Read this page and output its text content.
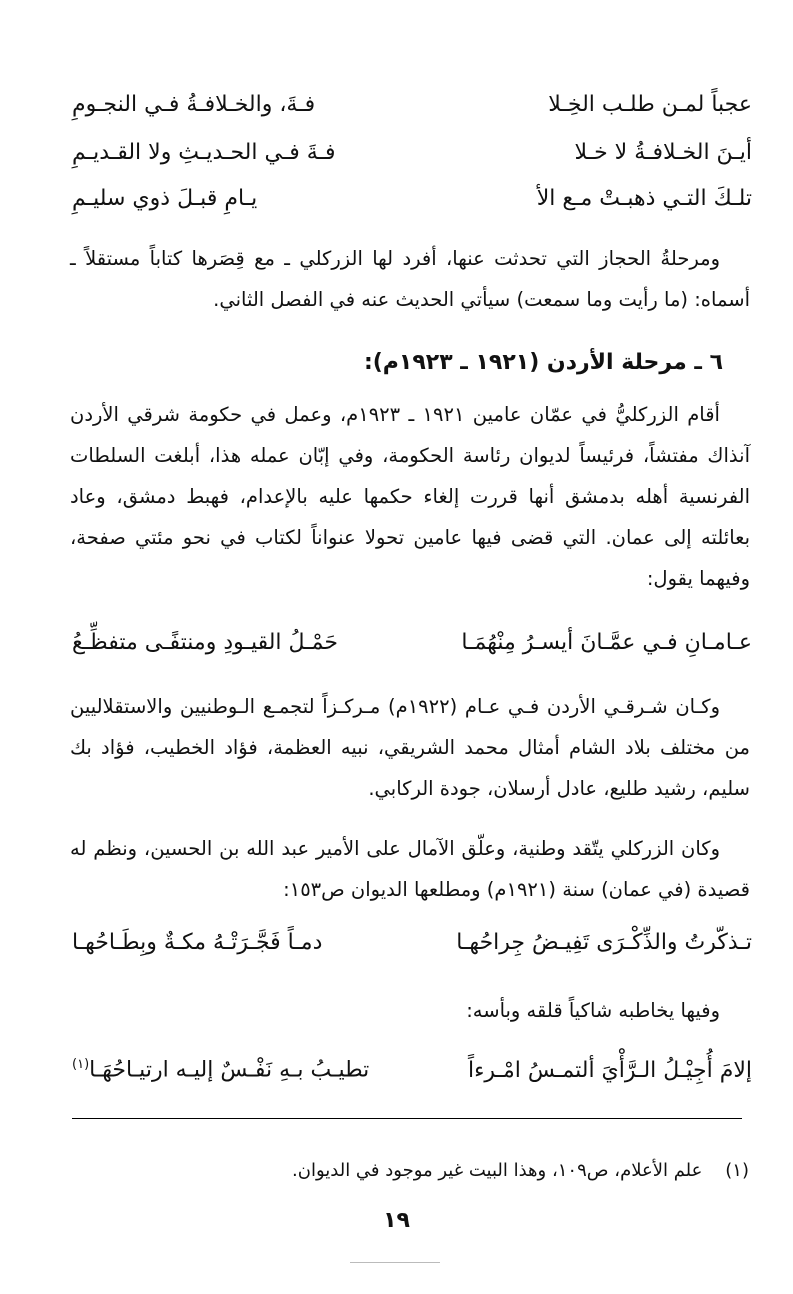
عجباً لمـن طلـب الخِـلا
فـةَ، والخـلافـةُ فـي النجـومِ
أيـنَ الخـلافـةُ لا خـلا
فـةَ فـي الحـديـثِ ولا القـديـمِ
تلـكَ التـي ذهبـتْ مـع الأ
يـامِ قبـلَ ذوي سليـمِ

ومرحلةُ الحجاز التي تحدثت عنها، أفرد لها الزركلي ـ مع قِصَرها كتاباً مستقلاً ـ أسماه: (ما رأيت وما سمعت) سيأتي الحديث عنه في الفصل الثاني.

٦ ـ مرحلة الأردن (١٩٢١ ـ ١٩٢٣م):

أقام الزركليُّ في عمّان عامين ١٩٢١ ـ ١٩٢٣م، وعمل في حكومة شرقي الأردن آنذاك مفتشاً، فرئيساً لديوان رئاسة الحكومة، وفي إبّان عمله هذا، أبلغت السلطات الفرنسية أهله بدمشق أنها قررت إلغاء حكمها عليه بالإعدام، فهبط دمشق، وعاد بعائلته إلى عمان. التي قضى فيها عامين تحولا عنواناً لكتاب في نحو مئتي صفحة، وفيهما يقول:

عـامـانِ فـي عمَّـانَ أيسـرُ مِنْهُمَـا
حَمْـلُ القيـودِ ومنتفًـى متفظِّـعُ

وكـان شـرقـي الأردن فـي عـام (١٩٢٢م) مـركـزاً لتجمـع الـوطنيين والاستقلاليين من مختلف بلاد الشام أمثال محمد الشريقي، نبيه العظمة، فؤاد الخطيب، فؤاد بك سليم، رشيد طليع، عادل أرسلان، جودة الركابي.

وكان الزركلي يتّقد وطنية، وعلّق الآمال على الأمير عبد الله بن الحسين، ونظم له قصيدة (في عمان) سنة (١٩٢١م) ومطلعها الديوان ص١٥٣:

تـذكّرتُ والذِّكْـرَى تَفِيـضُ جِراحُهـا
دمـاً فَجَّـرَتْـهُ مكـةٌ وبِطَـاحُهـا

وفيها يخاطبه شاكياً قلقه وبأسه:

إلامَ أُجِيْـلُ الـرَّأْيَ ألتمـسُ امْـرءاً
تطيـبُ بـهِ نَفْـسٌ إليـه ارتيـاحُهَـا$^{(١)}$
(١)    علم الأعلام، ص١٠٩، وهذا البيت غير موجود في الديوان.
١٩
